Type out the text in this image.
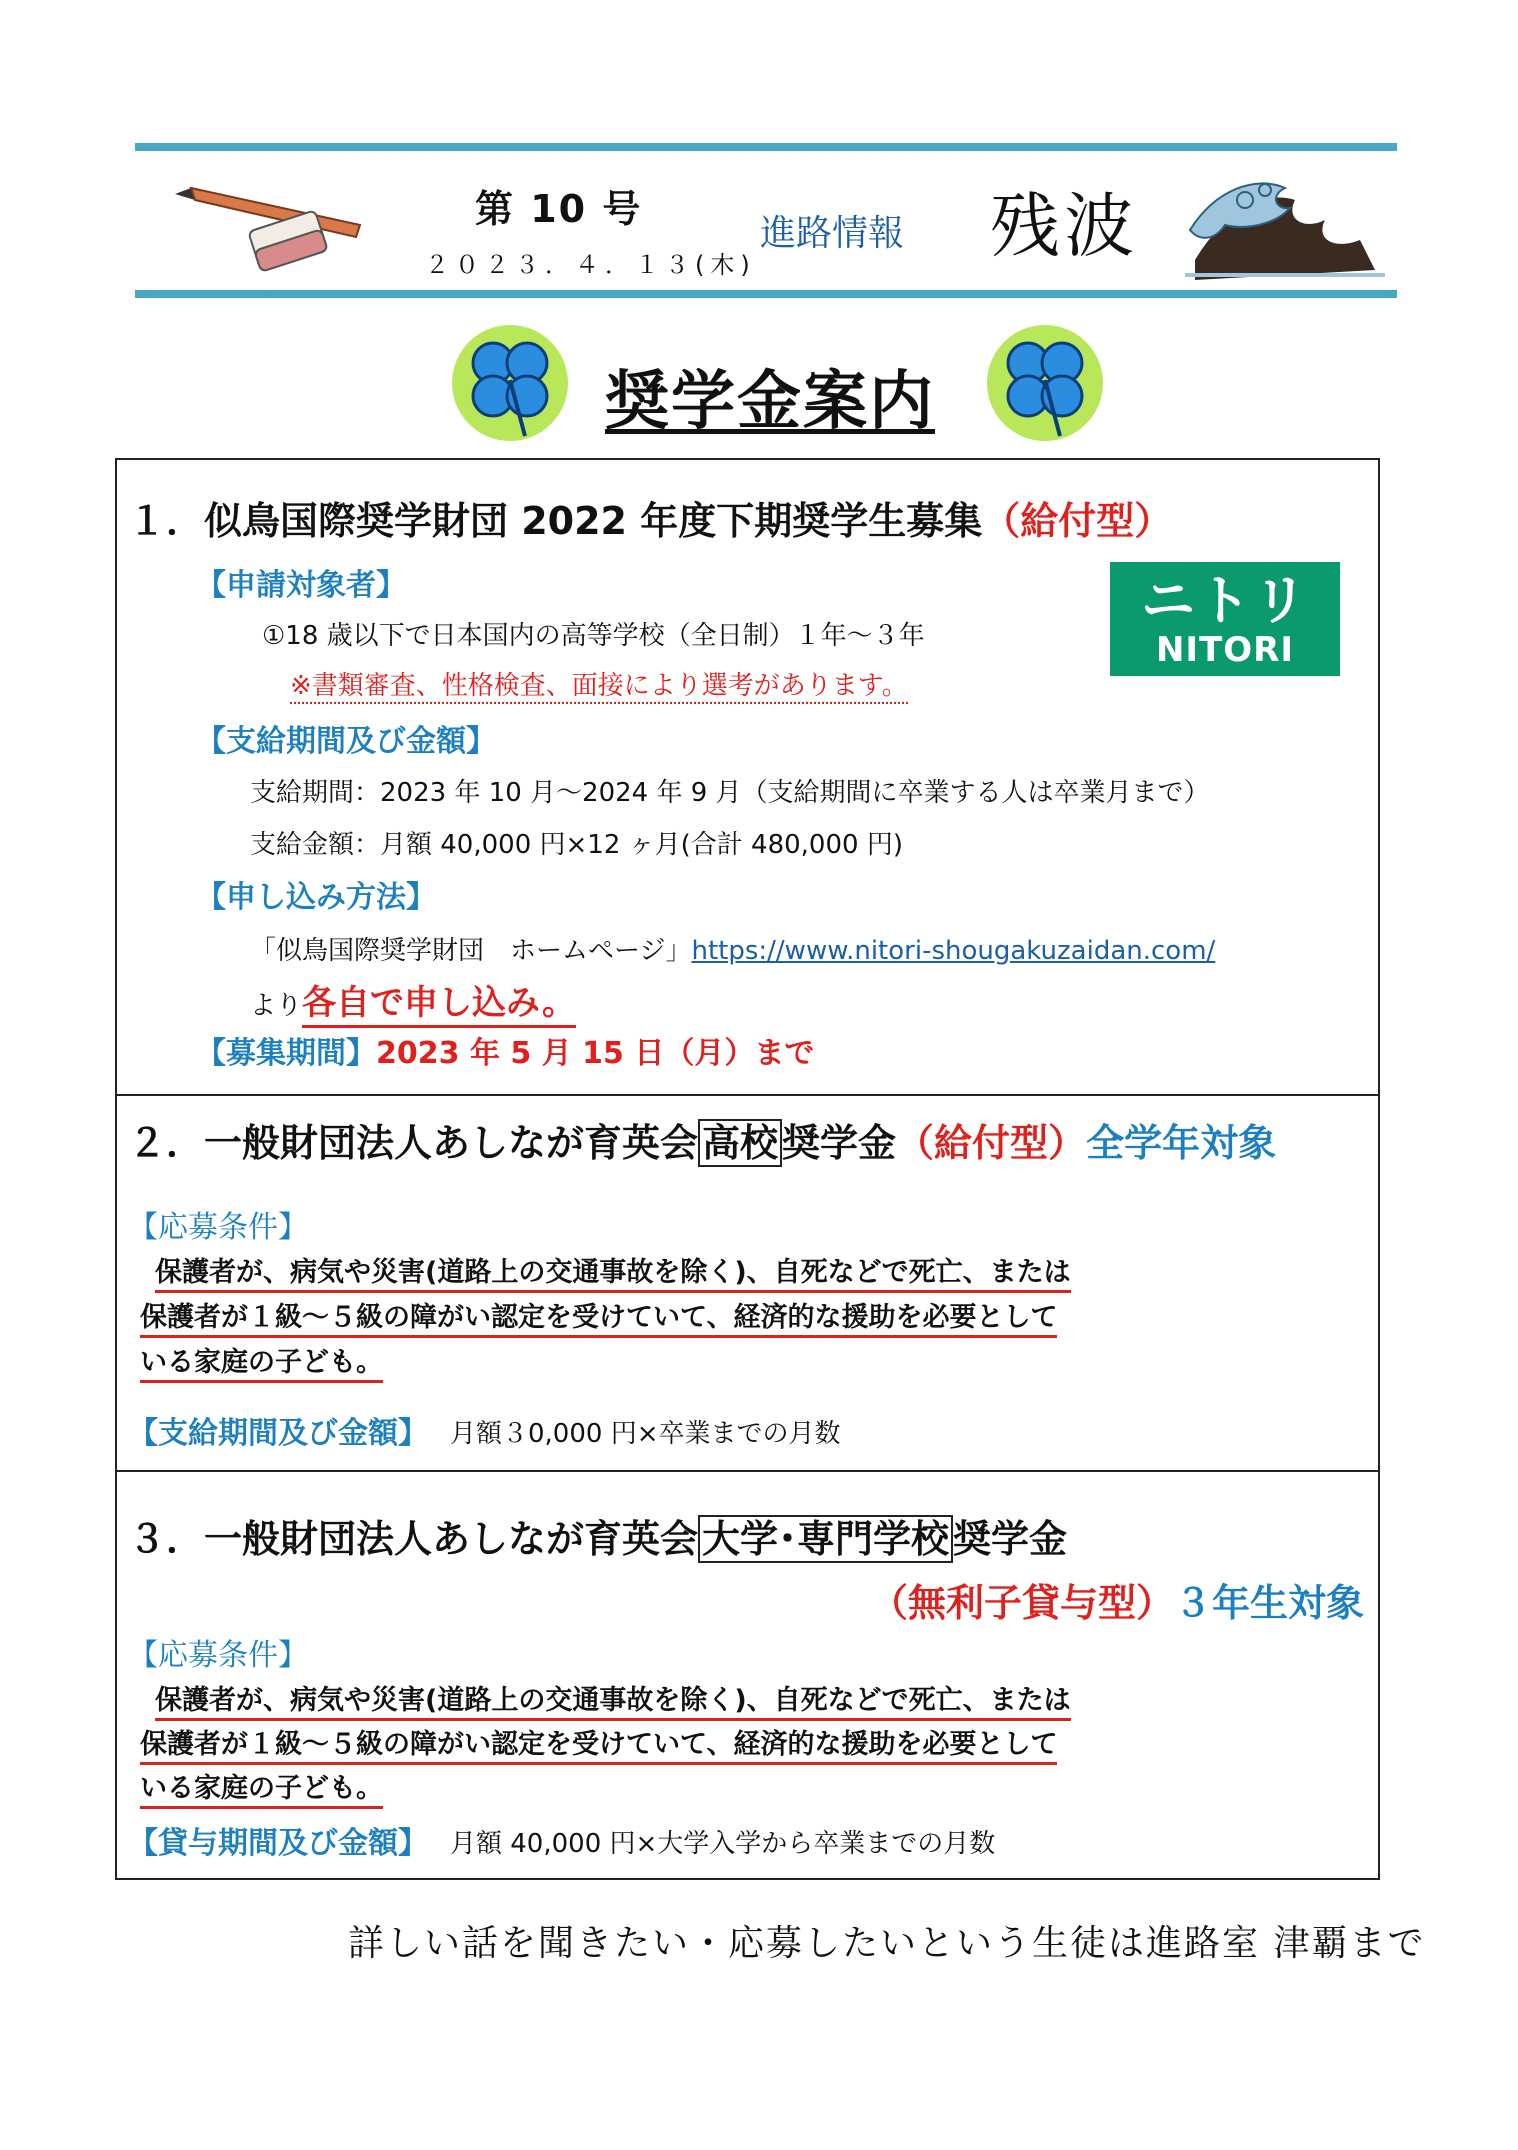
第 10 号
２０２３．４．１３(木)
進路情報 残波
奨学金案内
１．似鳥国際奨学財団 2022 年度下期奨学生募集（給付型）
【申請対象者】
①18 歳以下で日本国内の高等学校（全日制）１年～３年
※書類審査、性格検査、面接により選考があります。
ニトリ
NITORI
【支給期間及び金額】
支給期間：2023 年 10 月～2024 年 9 月（支給期間に卒業する人は卒業月まで）
支給金額：月額 40,000 円×12 ヶ月(合計 480,000 円)
【申し込み方法】
「似鳥国際奨学財団　ホームページ」https://www.nitori-shougakuzaidan.com/
より各自で申し込み。
【募集期間】2023 年 5 月 15 日（月）まで
２．一般財団法人あしなが育英会 高校 奨学金（給付型）全学年対象
【応募条件】
保護者が、病気や災害(道路上の交通事故を除く)、自死などで死亡、または
保護者が１級～５級の障がい認定を受けていて、経済的な援助を必要として
いる家庭の子ども。
【支給期間及び金額】 月額３0,000 円×卒業までの月数
３．一般財団法人あしなが育英会 大学･専門学校 奨学金
（無利子貸与型）３年生対象
【応募条件】
保護者が、病気や災害(道路上の交通事故を除く)、自死などで死亡、または
保護者が１級～５級の障がい認定を受けていて、経済的な援助を必要として
いる家庭の子ども。
【貸与期間及び金額】 月額 40,000 円×大学入学から卒業までの月数
詳しい話を聞きたい・応募したいという生徒は進路室 津覇まで
